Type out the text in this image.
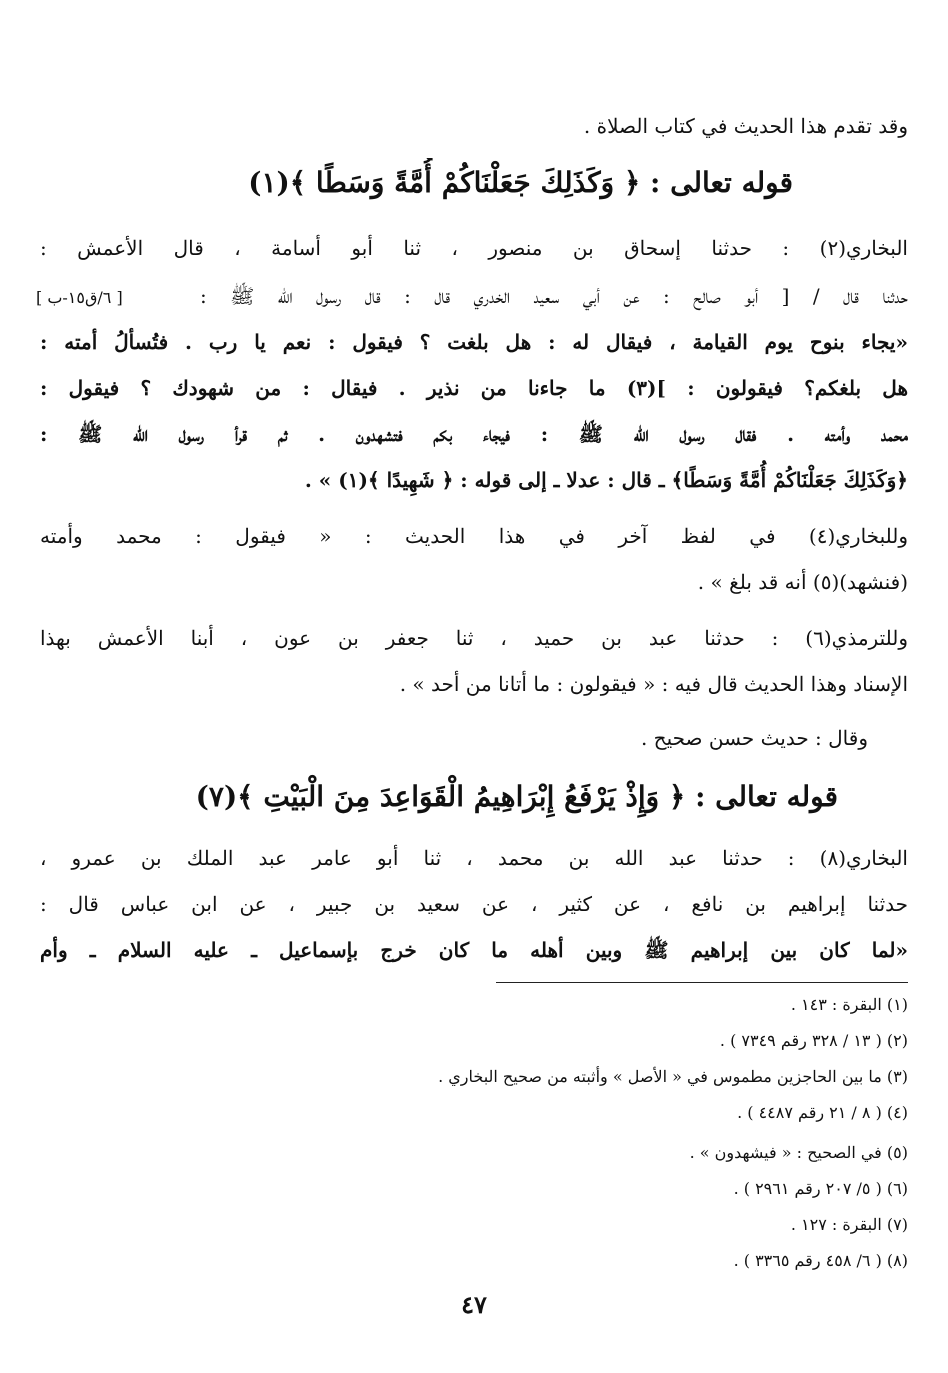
وقد تقدم هذا الحديث في كتاب الصلاة .
قوله تعالى : ﴿ وَكَذَلِكَ جَعَلْنَاكُمْ أُمَّةً وَسَطًا ﴾(١)
البخاري(٢) : حدثنا إسحاق بن منصور ، ثنا أبو أسامة ، قال الأعمش :
حدثنا قال / [ أبو صالح : عن أبي سعيد الخدري قال : قال رسول الله ﷺ :
[ ٦/ق١٥-ب ]
«يجاء بنوح يوم القيامة ، فيقال له : هل بلغت ؟ فيقول : نعم يا رب . فتُسألُ أمته :
هل بلغكم؟ فيقولون : ](٣) ما جاءنا من نذير . فيقال : من شهودك ؟ فيقول :
محمد وأمته . فقال رسول الله ﷺ : فيجاء بكم فتشهدون . ثم قرأ رسول الله ﷺ :
﴿وَكَذَلِكَ جَعَلْنَاكُمْ أُمَّةً وَسَطًا﴾ ـ قال : عدلا ـ إلى قوله : ﴿ شَهِيدًا ﴾(١) » .
وللبخاري(٤) في لفظ آخر في هذا الحديث : « فيقول : محمد وأمته
(فنشهد)(٥) أنه قد بلغ » .
وللترمذي(٦) : حدثنا عبد بن حميد ، ثنا جعفر بن عون ، أبنا الأعمش بهذا
الإسناد وهذا الحديث قال فيه : « فيقولون : ما أتانا من أحد » .
وقال : حديث حسن صحيح .
قوله تعالى : ﴿ وَإِذْ يَرْفَعُ إِبْرَاهِيمُ الْقَوَاعِدَ مِنَ الْبَيْتِ ﴾(٧)
البخاري(٨) : حدثنا عبد الله بن محمد ، ثنا أبو عامر عبد الملك بن عمرو ،
حدثنا إبراهيم بن نافع ، عن كثير ، عن سعيد بن جبير ، عن ابن عباس قال :
«لما كان بين إبراهيم ﷺ وبين أهله ما كان خرج بإسماعيل ـ عليه السلام ـ وأم
(١) البقرة : ١٤٣ .
(٢) ( ١٣ / ٣٢٨ رقم ٧٣٤٩ ) .
(٣) ما بين الحاجزين مطموس في « الأصل » وأثبته من صحيح البخاري .
(٤) ( ٨ / ٢١ رقم ٤٤٨٧ ) .
(٥) في الصحيح : « فيشهدون » .
(٦) ( ٥/ ٢٠٧ رقم ٢٩٦١ ) .
(٧) البقرة : ١٢٧ .
(٨) ( ٦/ ٤٥٨ رقم ٣٣٦٥ ) .
٤٧
